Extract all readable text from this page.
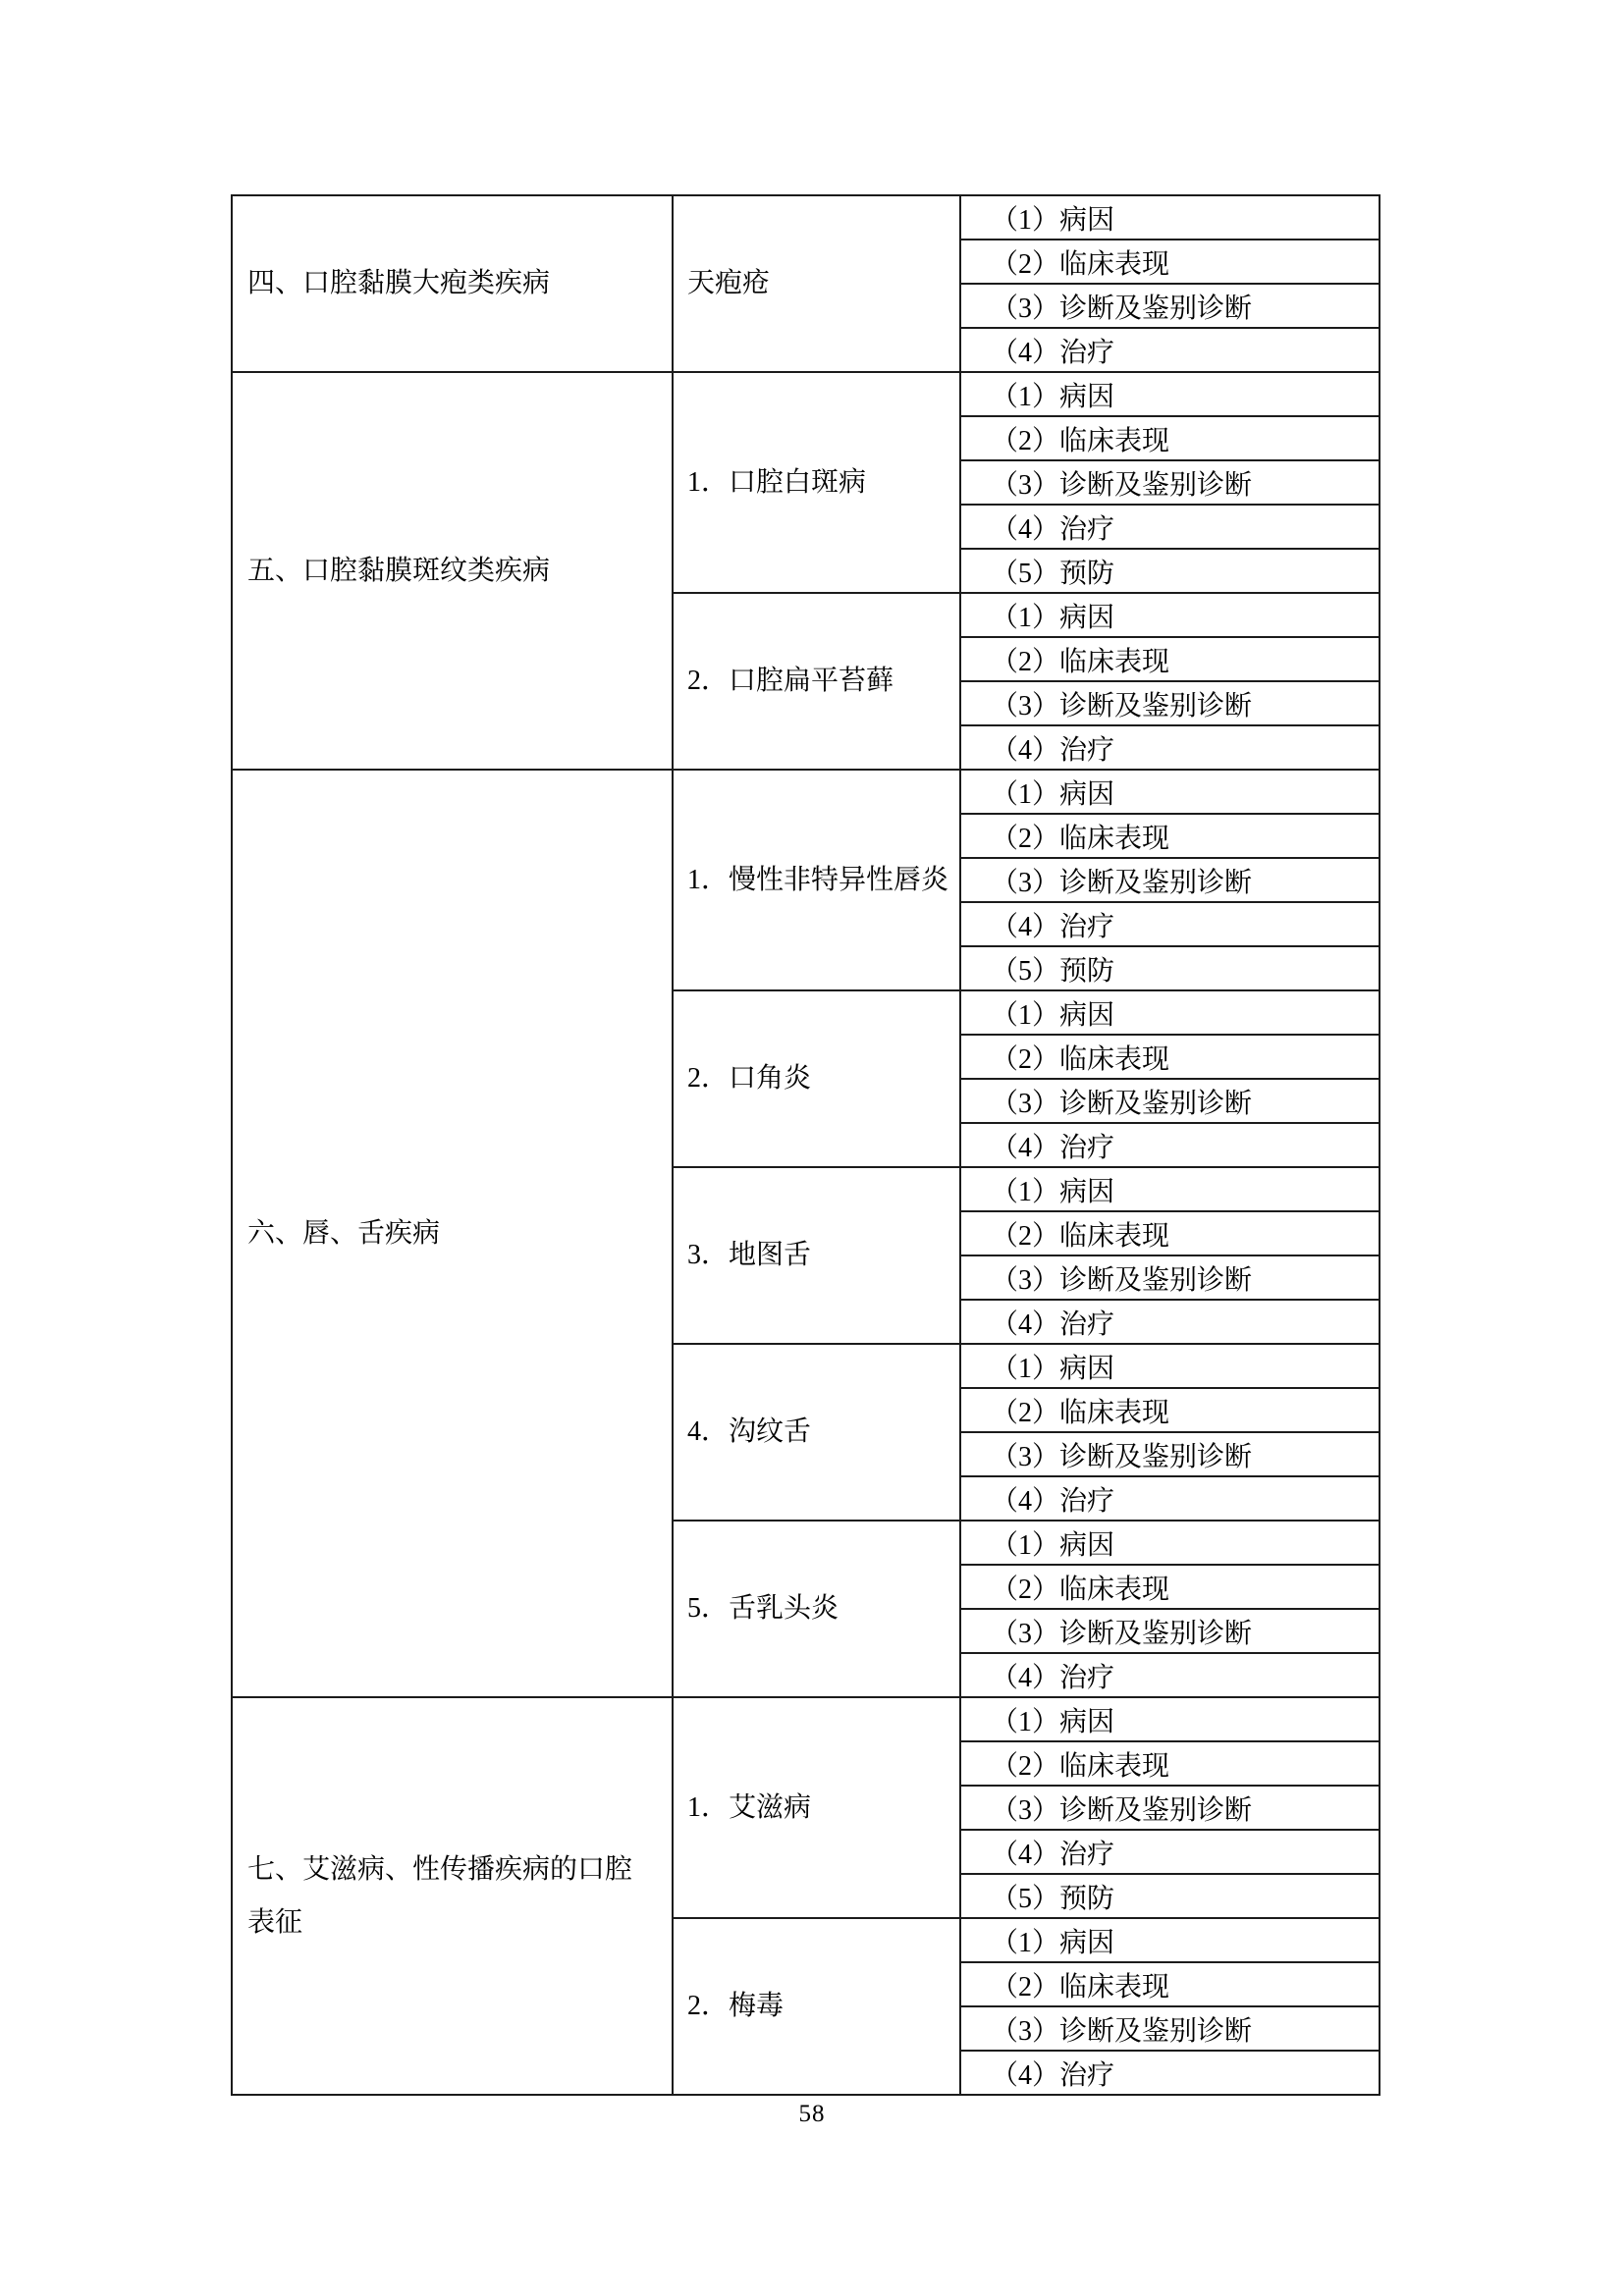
四、口腔黏膜大疱类疾病	天疱疮
（1）病因
（2）临床表现
（3）诊断及鉴别诊断
（4）治疗
五、口腔黏膜斑纹类疾病
1．口腔白斑病
（1）病因
（2）临床表现
（3）诊断及鉴别诊断
（4）治疗
（5）预防
2．口腔扁平苔藓
（1）病因
（2）临床表现
（3）诊断及鉴别诊断
（4）治疗
六、唇、舌疾病
1．慢性非特异性唇炎
（1）病因
（2）临床表现
（3）诊断及鉴别诊断
（4）治疗
（5）预防
2．口角炎
（1）病因
（2）临床表现
（3）诊断及鉴别诊断
（4）治疗
3．地图舌
（1）病因
（2）临床表现
（3）诊断及鉴别诊断
（4）治疗
4．沟纹舌
（1）病因
（2）临床表现
（3）诊断及鉴别诊断
（4）治疗
5．舌乳头炎
（1）病因
（2）临床表现
（3）诊断及鉴别诊断
（4）治疗
七、艾滋病、性传播疾病的口腔表征
1．艾滋病
（1）病因
（2）临床表现
（3）诊断及鉴别诊断
（4）治疗
（5）预防
2．梅毒
（1）病因
（2）临床表现
（3）诊断及鉴别诊断
（4）治疗
58
